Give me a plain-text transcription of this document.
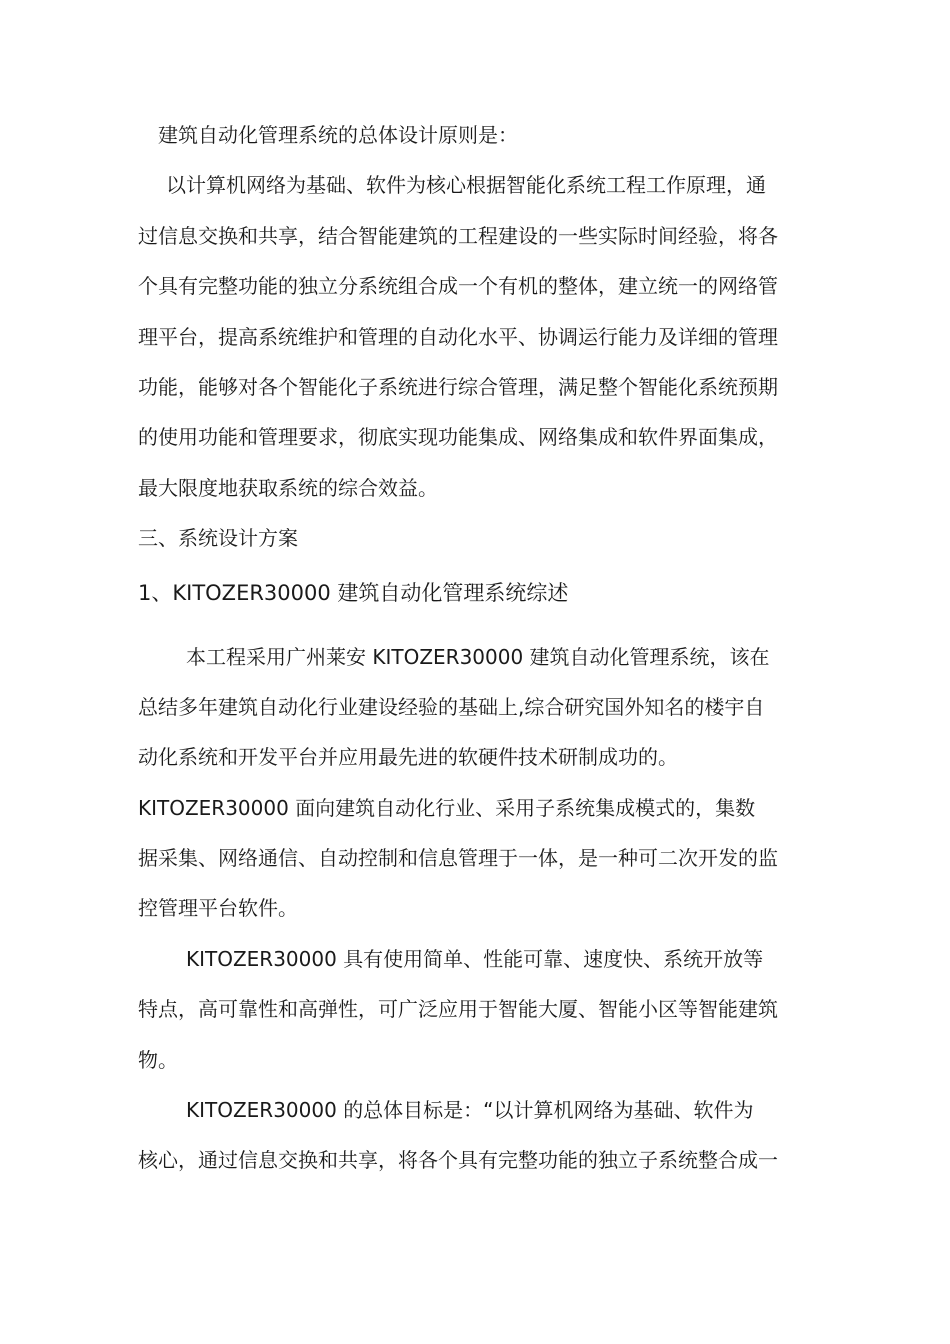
建筑自动化管理系统的总体设计原则是：
以计算机网络为基础、软件为核心根据智能化系统工程工作原理，通
过信息交换和共享，结合智能建筑的工程建设的一些实际时间经验，将各
个具有完整功能的独立分系统组合成一个有机的整体，建立统一的网络管
理平台，提高系统维护和管理的自动化水平、协调运行能力及详细的管理
功能，能够对各个智能化子系统进行综合管理，满足整个智能化系统预期
的使用功能和管理要求，彻底实现功能集成、网络集成和软件界面集成，
最大限度地获取系统的综合效益。
三、系统设计方案
1、KITOZER30000 建筑自动化管理系统综述
本工程采用广州莱安 KITOZER30000 建筑自动化管理系统，该在
总结多年建筑自动化行业建设经验的基础上,综合研究国外知名的楼宇自
动化系统和开发平台并应用最先进的软硬件技术研制成功的。
KITOZER30000 面向建筑自动化行业、采用子系统集成模式的，集数
据采集、网络通信、自动控制和信息管理于一体，是一种可二次开发的监
控管理平台软件。
KITOZER30000 具有使用简单、性能可靠、速度快、系统开放等
特点，高可靠性和高弹性，可广泛应用于智能大厦、智能小区等智能建筑
物。
KITOZER30000 的总体目标是：“以计算机网络为基础、软件为
核心，通过信息交换和共享，将各个具有完整功能的独立子系统整合成一
